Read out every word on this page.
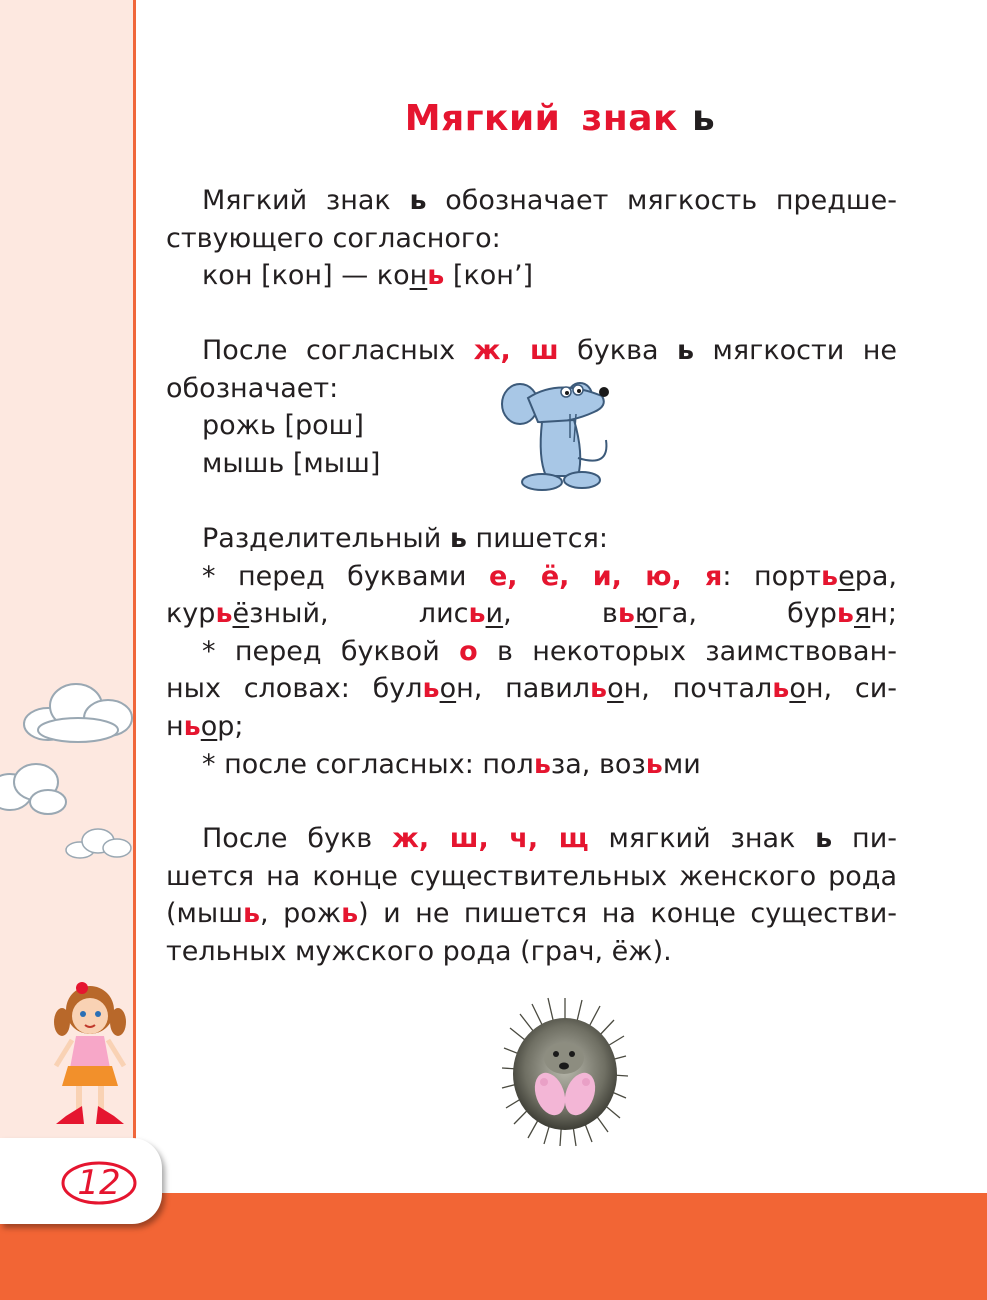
12
Мягкий знак ь
Мягкий знак ь обозначает мягкость предше-
ствующего согласного:
кон [кон] — конь [кон’]
После согласных ж, ш буква ь мягкости не
обозначает:
рожь [рош]
мышь [мыш]
Разделительный ь пишется:
* перед буквами е, ё, и, ю, я: портьера,
курьёзный, лисьи, вьюга, бурьян;
* перед буквой о в некоторых заимствован-
ных словах: бульон, павильон, почтальон, си-
ньор;
* после согласных: польза, возьми
После букв ж, ш, ч, щ мягкий знак ь пи-
шется на конце существительных женского рода
(мышь, рожь) и не пишется на конце существи-
тельных мужского рода (грач, ёж).
